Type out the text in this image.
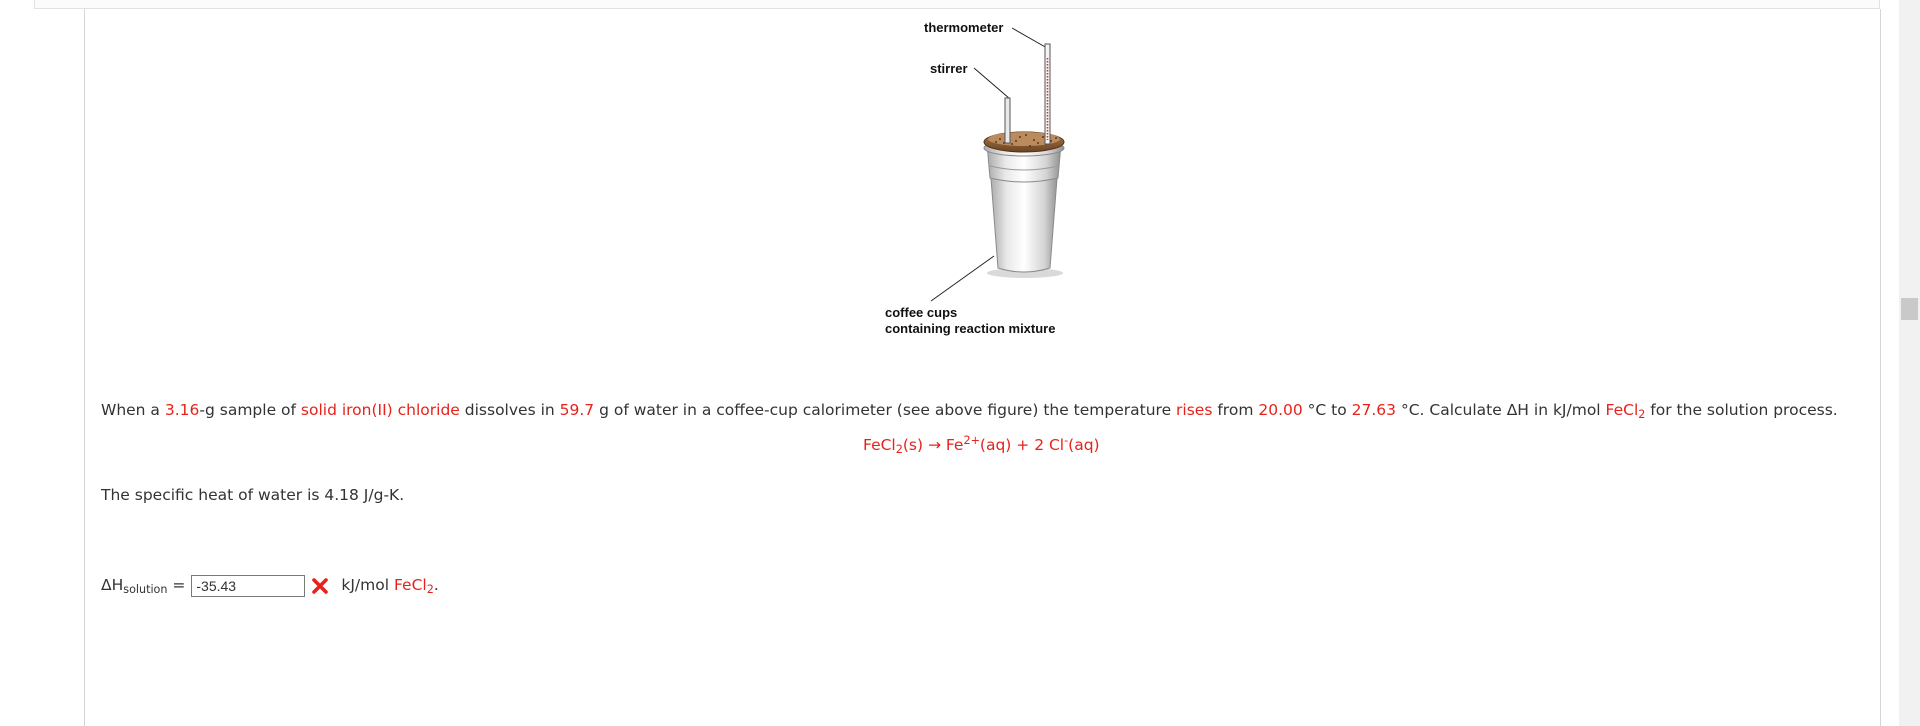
thermometer
stirrer
coffee cups
containing reaction mixture
When a 3.16-g sample of solid iron(II) chloride dissolves in 59.7 g of water in a coffee-cup calorimeter (see above figure) the temperature rises from 20.00 °C to 27.63 °C. Calculate ΔH in kJ/mol FeCl$_2$ for the solution process.
FeCl$_2$(s) → $Fe^{2+}(aq) + 2$ Cl-(aq)
The specific heat of water is 4.18 J/g-K.
$\Delta H_{solution}$ =
-35.43	kJ/mol FeCl$_2$.
